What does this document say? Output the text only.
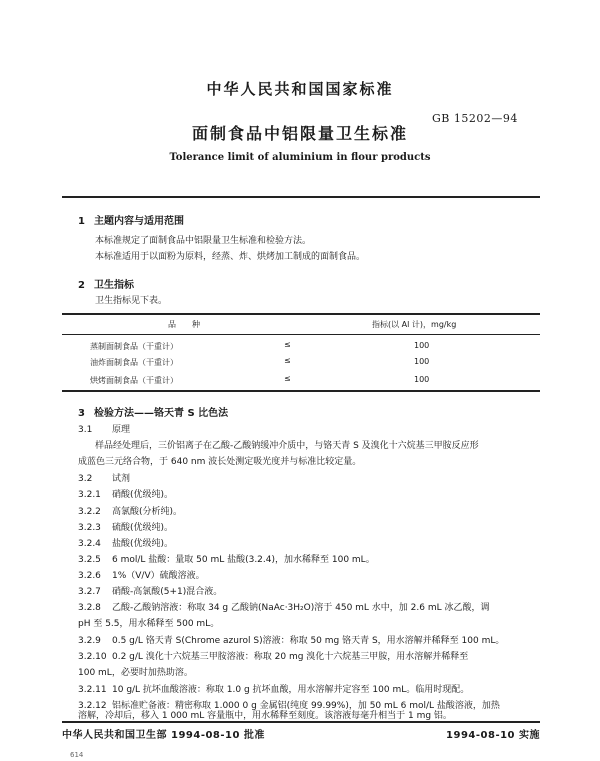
中华人民共和国国家标准
GB 15202—94
面制食品中铝限量卫生标准
Tolerance limit of aluminium in flour products
1 主题内容与适用范围
本标准规定了面制食品中铝限量卫生标准和检验方法。
本标准适用于以面粉为原料，经蒸、炸、烘烤加工制成的面制食品。
2 卫生指标
卫生指标见下表。
品　　种	指标(以 Al 计)，mg/kg
蒸制面制食品（干重计）	≤	100
油炸面制食品（干重计）	≤	100
烘烤面制食品（干重计）	≤	100
3 检验方法——铬天青 S 比色法
3.1 原理
样品经处理后，三价铝离子在乙酸-乙酸钠缓冲介质中，与铬天青 S 及溴化十六烷基三甲胺反应形
成蓝色三元络合物，于 640 nm 波长处测定吸光度并与标准比较定量。
3.2 试剂
3.2.1 硝酸(优级纯)。
3.2.2 高氯酸(分析纯)。
3.2.3 硫酸(优级纯)。
3.2.4 盐酸(优级纯)。
3.2.5 6 mol/L 盐酸：量取 50 mL 盐酸(3.2.4)，加水稀释至 100 mL。
3.2.6 1%（V/V）硫酸溶液。
3.2.7 硝酸-高氯酸(5+1)混合液。
3.2.8 乙酸-乙酸钠溶液：称取 34 g 乙酸钠(NaAc·3H₂O)溶于 450 mL 水中，加 2.6 mL 冰乙酸，调
pH 至 5.5，用水稀释至 500 mL。
3.2.9 0.5 g/L 铬天青 S(Chrome azurol S)溶液：称取 50 mg 铬天青 S，用水溶解并稀释至 100 mL。
3.2.10 0.2 g/L 溴化十六烷基三甲胺溶液：称取 20 mg 溴化十六烷基三甲胺，用水溶解并稀释至
100 mL，必要时加热助溶。
3.2.11 10 g/L 抗坏血酸溶液：称取 1.0 g 抗坏血酸，用水溶解并定容至 100 mL。临用时现配。
3.2.12 铝标准贮备液：精密称取 1.000 0 g 金属铝(纯度 99.99%)，加 50 mL 6 mol/L 盐酸溶液，加热
溶解，冷却后，移入 1 000 mL 容量瓶中，用水稀释至刻度。该溶液每毫升相当于 1 mg 铝。
中华人民共和国卫生部 1994-08-10 批准	1994-08-10 实施
614
